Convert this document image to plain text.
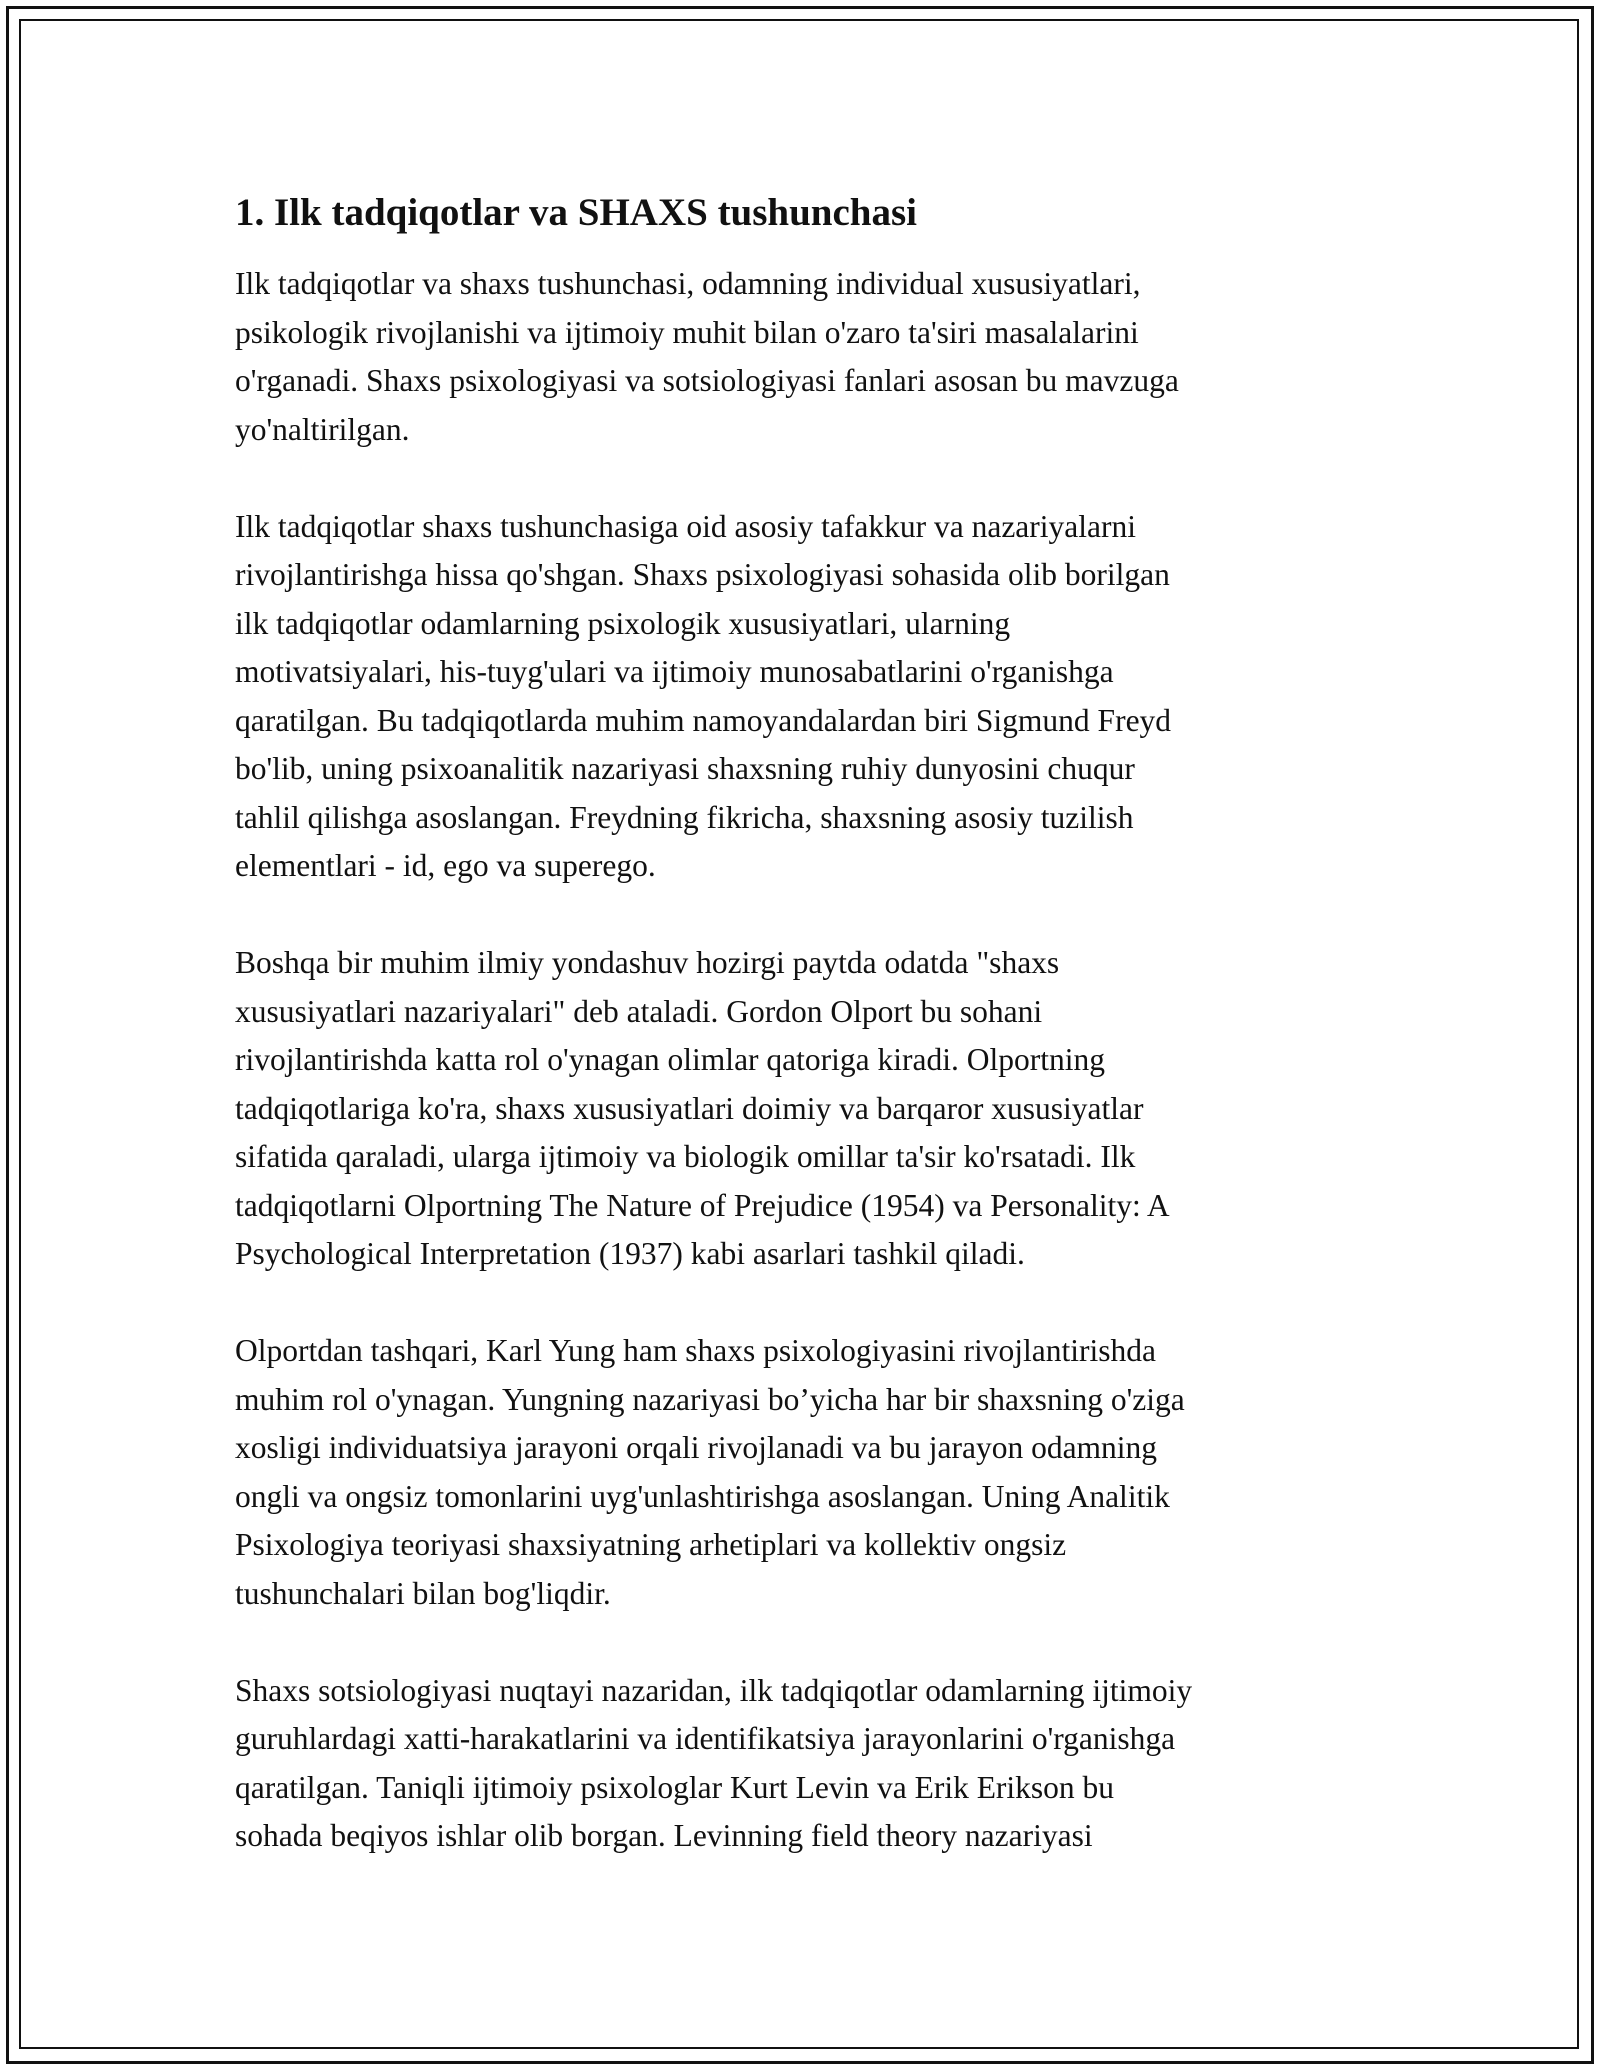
1. Ilk tadqiqotlar va SHAXS tushunchasi
Ilk tadqiqotlar va shaxs tushunchasi, odamning individual xususiyatlari,
psikologik rivojlanishi va ijtimoiy muhit bilan o'zaro ta'siri masalalarini
o'rganadi. Shaxs psixologiyasi va sotsiologiyasi fanlari asosan bu mavzuga
yo'naltirilgan.
Ilk tadqiqotlar shaxs tushunchasiga oid asosiy tafakkur va nazariyalarni
rivojlantirishga hissa qo'shgan. Shaxs psixologiyasi sohasida olib borilgan
ilk tadqiqotlar odamlarning psixologik xususiyatlari, ularning
motivatsiyalari, his-tuyg'ulari va ijtimoiy munosabatlarini o'rganishga
qaratilgan. Bu tadqiqotlarda muhim namoyandalardan biri Sigmund Freyd
bo'lib, uning psixoanalitik nazariyasi shaxsning ruhiy dunyosini chuqur
tahlil qilishga asoslangan. Freydning fikricha, shaxsning asosiy tuzilish
elementlari - id, ego va superego.
Boshqa bir muhim ilmiy yondashuv hozirgi paytda odatda "shaxs
xususiyatlari nazariyalari" deb ataladi. Gordon Olport bu sohani
rivojlantirishda katta rol o'ynagan olimlar qatoriga kiradi. Olportning
tadqiqotlariga ko'ra, shaxs xususiyatlari doimiy va barqaror xususiyatlar
sifatida qaraladi, ularga ijtimoiy va biologik omillar ta'sir ko'rsatadi. Ilk
tadqiqotlarni Olportning The Nature of Prejudice (1954) va Personality: A
Psychological Interpretation (1937) kabi asarlari tashkil qiladi.
Olportdan tashqari, Karl Yung ham shaxs psixologiyasini rivojlantirishda
muhim rol o'ynagan. Yungning nazariyasi bo’yicha har bir shaxsning o'ziga
xosligi individuatsiya jarayoni orqali rivojlanadi va bu jarayon odamning
ongli va ongsiz tomonlarini uyg'unlashtirishga asoslangan. Uning Analitik
Psixologiya teoriyasi shaxsiyatning arhetiplari va kollektiv ongsiz
tushunchalari bilan bog'liqdir.
Shaxs sotsiologiyasi nuqtayi nazaridan, ilk tadqiqotlar odamlarning ijtimoiy
guruhlardagi xatti-harakatlarini va identifikatsiya jarayonlarini o'rganishga
qaratilgan. Taniqli ijtimoiy psixologlar Kurt Levin va Erik Erikson bu
sohada beqiyos ishlar olib borgan. Levinning field theory nazariyasi
